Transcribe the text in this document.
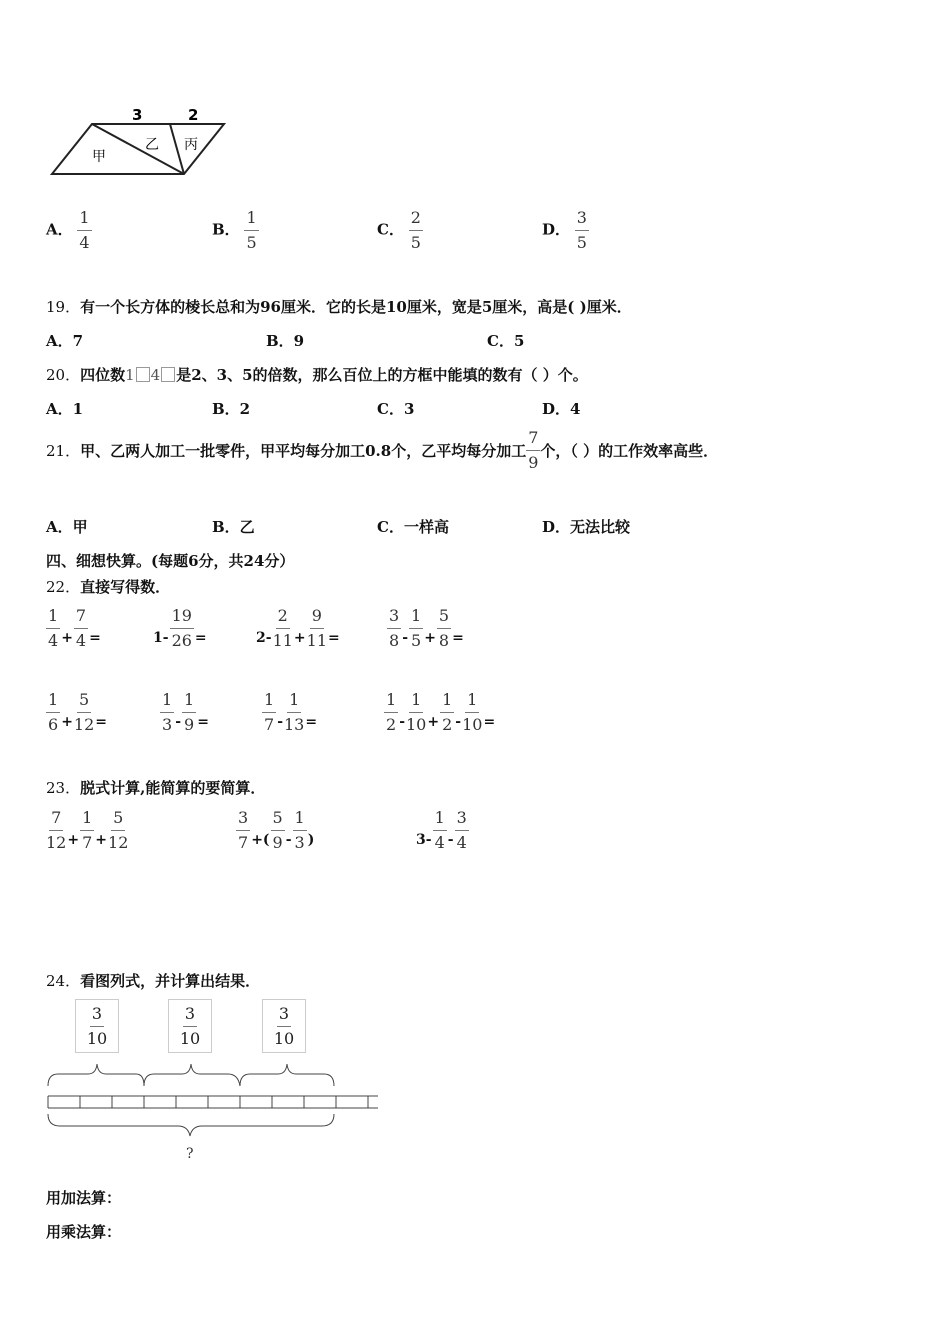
3	2
甲
乙 丙
A． $\frac{1}{4}$	B． $\frac{1}{5}$	C． $\frac{2}{5}$	D． $\frac{3}{5}$
19．有一个长方体的棱长总和为96厘米．它的长是10厘米，宽是5厘米，高是( )厘米．
A．7	B．9	C．5
20．四位数1 4 是2、3、5的倍数，那么百位上的方框中能填的数有（ ）个。
A．1	B．2	C．3	D．4
21． 甲、乙两人加工一批零件，甲平均每分加工0.8个，乙平均每分加工 $\frac{7}{9}$ 个，（ ）的工作效率高些．
A．甲	B．乙	C．一样高	D．无法比较
四、细想快算。(每题6分，共24分）
22．直接写得数．
$\frac{1}{4} + \frac{7}{4}$ =	$1- \frac{19}{26}$ =	$2- \frac{2}{11} + \frac{9}{11}$ =	$\frac{3}{8} - \frac{1}{5} + \frac{5}{8}$ =
$\frac{1}{6} + \frac{5}{12}$ =	$\frac{1}{3} - \frac{1}{9}$ =	$\frac{1}{7} - \frac{1}{13}$ =	$\frac{1}{2} - \frac{1}{10} + \frac{1}{2} - \frac{1}{10}$ =
23．脱式计算,能简算的要简算．
$\frac{7}{12} + \frac{1}{7} + \frac{5}{12}$	$\frac{3}{7}$ +( $\frac{5}{9} - \frac{1}{3}$ )	$3- \frac{1}{4} - \frac{3}{4}$
24．看图列式，并计算出结果．
$\frac{3}{10}$	$\frac{3}{10}$	$\frac{3}{10}$
?
用加法算：
用乘法算：
